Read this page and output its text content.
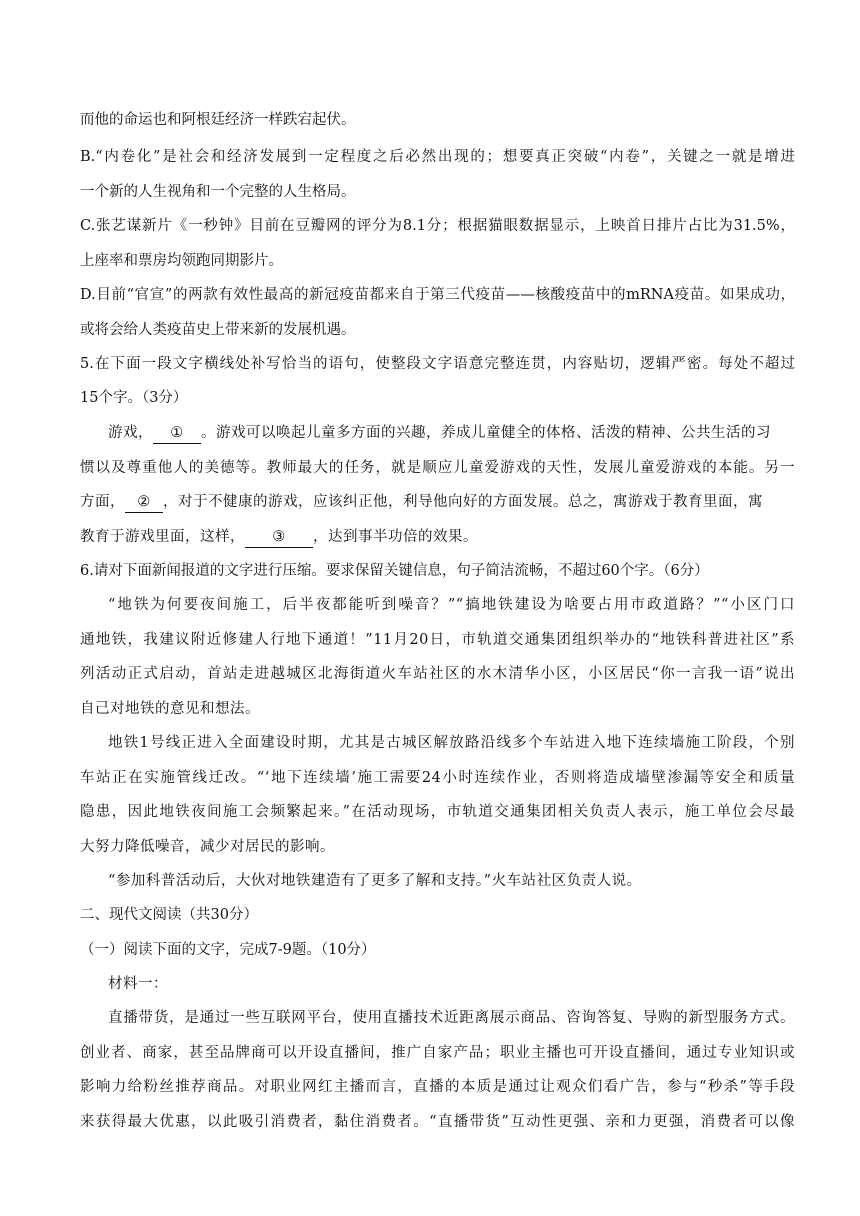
而他的命运也和阿根廷经济一样跌宕起伏。
B.“内卷化”是社会和经济发展到一定程度之后必然出现的；想要真正突破“内卷”，关键之一就是增进
一个新的人生视角和一个完整的人生格局。
C.张艺谋新片《一秒钟》目前在豆瓣网的评分为8.1分；根据猫眼数据显示，上映首日排片占比为31.5%，
上座率和票房均领跑同期影片。
D.目前“官宣”的两款有效性最高的新冠疫苗都来自于第三代疫苗——核酸疫苗中的mRNA疫苗。如果成功，
或将会给人类疫苗史上带来新的发展机遇。
5.在下面一段文字横线处补写恰当的语句，使整段文字语意完整连贯，内容贴切，逻辑严密。每处不超过
15个字。（3分）
游戏， ① 。游戏可以唤起儿童多方面的兴趣，养成儿童健全的体格、活泼的精神、公共生活的习
惯以及尊重他人的美德等。教师最大的任务，就是顺应儿童爱游戏的天性，发展儿童爱游戏的本能。另一
方面， ② ，对于不健康的游戏，应该纠正他，利导他向好的方面发展。总之，寓游戏于教育里面，寓
教育于游戏里面，这样， ③ ，达到事半功倍的效果。
6.请对下面新闻报道的文字进行压缩。要求保留关键信息，句子简洁流畅，不超过60个字。（6分）
“地铁为何要夜间施工，后半夜都能听到噪音？”“搞地铁建设为啥要占用市政道路？”“小区门口
通地铁，我建议附近修建人行地下通道！”11月20日，市轨道交通集团组织举办的“地铁科普进社区”系
列活动正式启动，首站走进越城区北海街道火车站社区的水木清华小区，小区居民“你一言我一语”说出
自己对地铁的意见和想法。
地铁1号线正进入全面建设时期，尤其是古城区解放路沿线多个车站进入地下连续墙施工阶段，个别
车站正在实施管线迁改。“‘地下连续墙’施工需要24小时连续作业，否则将造成墙壁渗漏等安全和质量
隐患，因此地铁夜间施工会频繁起来。”在活动现场，市轨道交通集团相关负责人表示，施工单位会尽最
大努力降低噪音，减少对居民的影响。
“参加科普活动后，大伙对地铁建造有了更多了解和支持。”火车站社区负责人说。
二、现代文阅读（共30分）
（一）阅读下面的文字，完成7-9题。（10分）
材料一：
直播带货，是通过一些互联网平台，使用直播技术近距离展示商品、咨询答复、导购的新型服务方式。
创业者、商家，甚至品牌商可以开设直播间，推广自家产品；职业主播也可开设直播间，通过专业知识或
影响力给粉丝推荐商品。对职业网红主播而言，直播的本质是通过让观众们看广告，参与“秒杀”等手段
来获得最大优惠，以此吸引消费者，黏住消费者。“直播带货”互动性更强、亲和力更强，消费者可以像
